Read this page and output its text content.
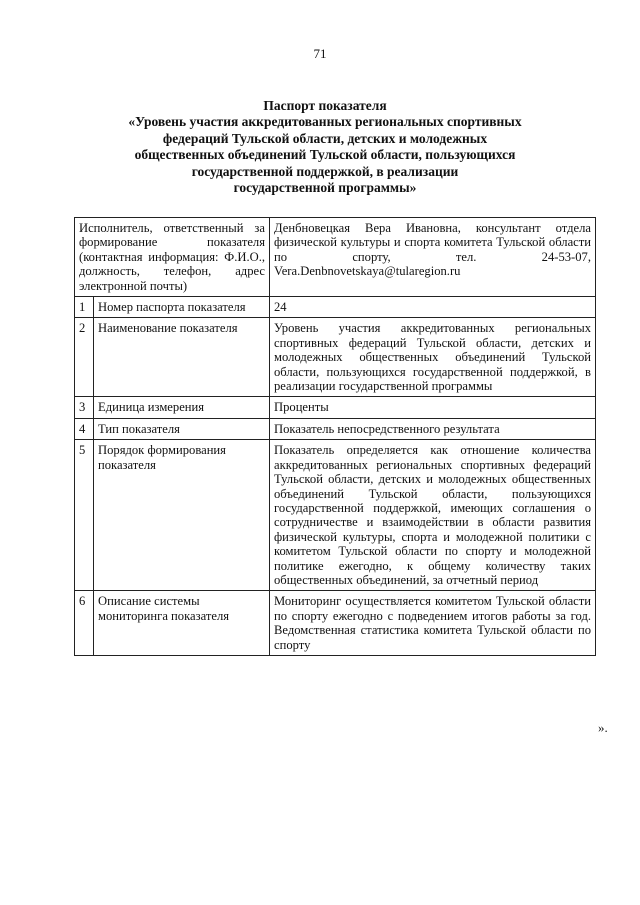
71
Паспорт показателя
«Уровень участия аккредитованных региональных спортивных
федераций Тульской области, детских и молодежных
общественных объединений Тульской области, пользующихся
государственной поддержкой, в реализации
государственной программы»
Исполнитель, ответственный за формирование показателя (контактная информация: Ф.И.О., должность, телефон, адрес электронной почты)		Денбновецкая Вера Ивановна, консультант отдела физической культуры и спорта комитета Тульской области по спорту, тел. 24-53-07, Vera.Denbnovetskaya@tularegion.ru
1	Номер паспорта показателя	24
2	Наименование показателя	Уровень участия аккредитованных региональных спортивных федераций Тульской области, детских и молодежных общественных объединений Тульской области, пользующихся государственной поддержкой, в реализации государственной программы
3	Единица измерения	Проценты
4	Тип показателя	Показатель непосредственного результата
5	Порядок формирования показателя	Показатель определяется как отношение количества аккредитованных региональных спортивных федераций Тульской области, детских и молодежных общественных объединений Тульской области, пользующихся государственной поддержкой, имеющих соглашения о сотрудничестве и взаимодействии в области развития физической культуры, спорта и молодежной политики с комитетом Тульской области по спорту и молодежной политике ежегодно, к общему количеству таких общественных объединений, за отчетный период
6	Описание системы мониторинга показателя	Мониторинг осуществляется комитетом Тульской области по спорту ежегодно с подведением итогов работы за год. Ведомственная статистика комитета Тульской области по спорту
».
